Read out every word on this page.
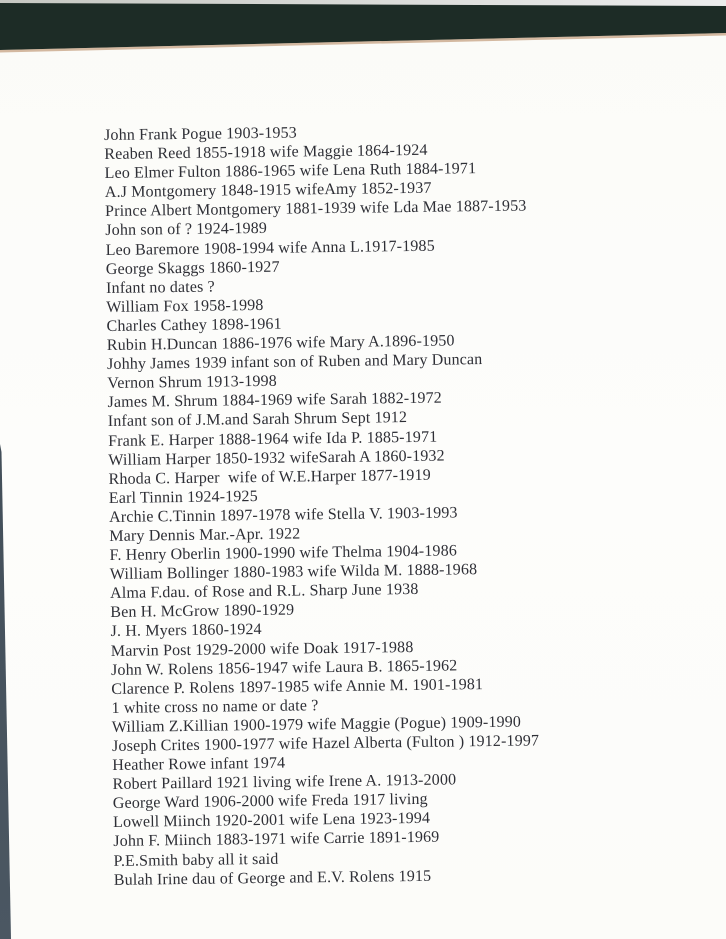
John Frank Pogue 1903-1953
Reaben Reed 1855-1918 wife Maggie 1864-1924
Leo Elmer Fulton 1886-1965 wife Lena Ruth 1884-1971
A.J Montgomery 1848-1915 wifeAmy 1852-1937
Prince Albert Montgomery 1881-1939 wife Lda Mae 1887-1953
John son of ? 1924-1989
Leo Baremore 1908-1994 wife Anna L.1917-1985
George Skaggs 1860-1927
Infant no dates ?
William Fox 1958-1998
Charles Cathey 1898-1961
Rubin H.Duncan 1886-1976 wife Mary A.1896-1950
Johhy James 1939 infant son of Ruben and Mary Duncan
Vernon Shrum 1913-1998
James M. Shrum 1884-1969 wife Sarah 1882-1972
Infant son of J.M.and Sarah Shrum Sept 1912
Frank E. Harper 1888-1964 wife Ida P. 1885-1971
William Harper 1850-1932 wifeSarah A 1860-1932
Rhoda C. Harper  wife of W.E.Harper 1877-1919
Earl Tinnin 1924-1925
Archie C.Tinnin 1897-1978 wife Stella V. 1903-1993
Mary Dennis Mar.-Apr. 1922
F. Henry Oberlin 1900-1990 wife Thelma 1904-1986
William Bollinger 1880-1983 wife Wilda M. 1888-1968
Alma F.dau. of Rose and R.L. Sharp June 1938
Ben H. McGrow 1890-1929
J. H. Myers 1860-1924
Marvin Post 1929-2000 wife Doak 1917-1988
John W. Rolens 1856-1947 wife Laura B. 1865-1962
Clarence P. Rolens 1897-1985 wife Annie M. 1901-1981
1 white cross no name or date ?
William Z.Killian 1900-1979 wife Maggie (Pogue) 1909-1990
Joseph Crites 1900-1977 wife Hazel Alberta (Fulton ) 1912-1997
Heather Rowe infant 1974
Robert Paillard 1921 living wife Irene A. 1913-2000
George Ward 1906-2000 wife Freda 1917 living
Lowell Miinch 1920-2001 wife Lena 1923-1994
John F. Miinch 1883-1971 wife Carrie 1891-1969
P.E.Smith baby all it said
Bulah Irine dau of George and E.V. Rolens 1915
